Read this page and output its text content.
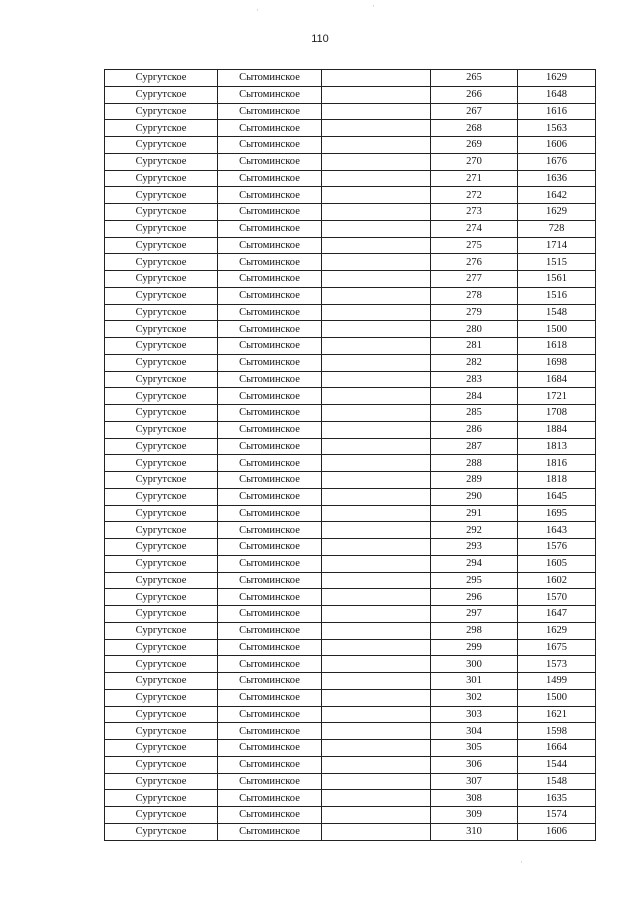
110
·	·
·
Сургутское	Сытоминское		265	1629
Сургутское	Сытоминское		266	1648
Сургутское	Сытоминское		267	1616
Сургутское	Сытоминское		268	1563
Сургутское	Сытоминское		269	1606
Сургутское	Сытоминское		270	1676
Сургутское	Сытоминское		271	1636
Сургутское	Сытоминское		272	1642
Сургутское	Сытоминское		273	1629
Сургутское	Сытоминское		274	728
Сургутское	Сытоминское		275	1714
Сургутское	Сытоминское		276	1515
Сургутское	Сытоминское		277	1561
Сургутское	Сытоминское		278	1516
Сургутское	Сытоминское		279	1548
Сургутское	Сытоминское		280	1500
Сургутское	Сытоминское		281	1618
Сургутское	Сытоминское		282	1698
Сургутское	Сытоминское		283	1684
Сургутское	Сытоминское		284	1721
Сургутское	Сытоминское		285	1708
Сургутское	Сытоминское		286	1884
Сургутское	Сытоминское		287	1813
Сургутское	Сытоминское		288	1816
Сургутское	Сытоминское		289	1818
Сургутское	Сытоминское		290	1645
Сургутское	Сытоминское		291	1695
Сургутское	Сытоминское		292	1643
Сургутское	Сытоминское		293	1576
Сургутское	Сытоминское		294	1605
Сургутское	Сытоминское		295	1602
Сургутское	Сытоминское		296	1570
Сургутское	Сытоминское		297	1647
Сургутское	Сытоминское		298	1629
Сургутское	Сытоминское		299	1675
Сургутское	Сытоминское		300	1573
Сургутское	Сытоминское		301	1499
Сургутское	Сытоминское		302	1500
Сургутское	Сытоминское		303	1621
Сургутское	Сытоминское		304	1598
Сургутское	Сытоминское		305	1664
Сургутское	Сытоминское		306	1544
Сургутское	Сытоминское		307	1548
Сургутское	Сытоминское		308	1635
Сургутское	Сытоминское		309	1574
Сургутское	Сытоминское		310	1606
